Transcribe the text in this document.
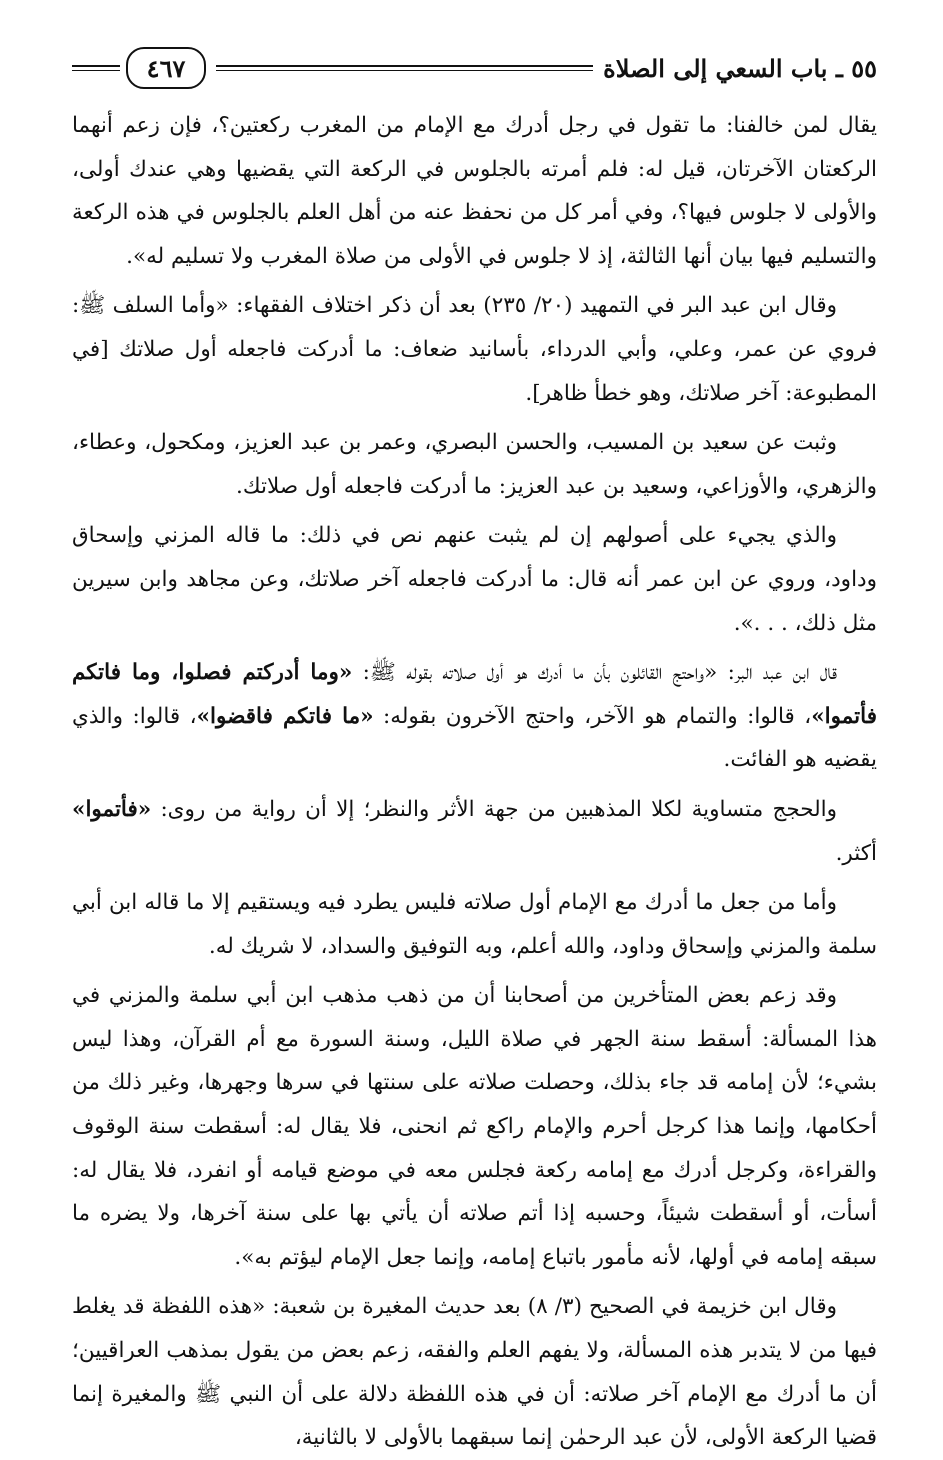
٥٥ ـ باب السعي إلى الصلاة
٤٦٧

يقال لمن خالفنا: ما تقول في رجل أدرك مع الإمام من المغرب ركعتين؟، فإن زعم أنهما الركعتان الآخرتان، قيل له: فلم أمرته بالجلوس في الركعة التي يقضيها وهي عندك أولى، والأولى لا جلوس فيها؟، وفي أمر كل من نحفظ عنه من أهل العلم بالجلوس في هذه الركعة والتسليم فيها بيان أنها الثالثة، إذ لا جلوس في الأولى من صلاة المغرب ولا تسليم له».

وقال ابن عبد البر في التمهيد (٢٠/ ٢٣٥) بعد أن ذكر اختلاف الفقهاء: «وأما السلف ﷺ: فروي عن عمر، وعلي، وأبي الدرداء، بأسانيد ضعاف: ما أدركت فاجعله أول صلاتك [في المطبوعة: آخر صلاتك، وهو خطأ ظاهر].

وثبت عن سعيد بن المسيب، والحسن البصري، وعمر بن عبد العزيز، ومكحول، وعطاء، والزهري، والأوزاعي، وسعيد بن عبد العزيز: ما أدركت فاجعله أول صلاتك.

والذي يجيء على أصولهم إن لم يثبت عنهم نص في ذلك: ما قاله المزني وإسحاق وداود، وروي عن ابن عمر أنه قال: ما أدركت فاجعله آخر صلاتك، وعن مجاهد وابن سيرين مثل ذلك، . . .».

قال ابن عبد البر: «واحتج القائلون بأن ما أدرك هو أول صلاته بقوله ﷺ: «وما أدركتم فصلوا، وما فاتكم فأتموا»، قالوا: والتمام هو الآخر، واحتج الآخرون بقوله: «ما فاتكم فاقضوا»، قالوا: والذي يقضيه هو الفائت.

والحجج متساوية لكلا المذهبين من جهة الأثر والنظر؛ إلا أن رواية من روى: «فأتموا» أكثر.

وأما من جعل ما أدرك مع الإمام أول صلاته فليس يطرد فيه ويستقيم إلا ما قاله ابن أبي سلمة والمزني وإسحاق وداود، والله أعلم، وبه التوفيق والسداد، لا شريك له.

وقد زعم بعض المتأخرين من أصحابنا أن من ذهب مذهب ابن أبي سلمة والمزني في هذا المسألة: أسقط سنة الجهر في صلاة الليل، وسنة السورة مع أم القرآن، وهذا ليس بشيء؛ لأن إمامه قد جاء بذلك، وحصلت صلاته على سنتها في سرها وجهرها، وغير ذلك من أحكامها، وإنما هذا كرجل أحرم والإمام راكع ثم انحنى، فلا يقال له: أسقطت سنة الوقوف والقراءة، وكرجل أدرك مع إمامه ركعة فجلس معه في موضع قيامه أو انفرد، فلا يقال له: أسأت، أو أسقطت شيئاً، وحسبه إذا أتم صلاته أن يأتي بها على سنة آخرها، ولا يضره ما سبقه إمامه في أولها، لأنه مأمور باتباع إمامه، وإنما جعل الإمام ليؤتم به».

وقال ابن خزيمة في الصحيح (٣/ ٨) بعد حديث المغيرة بن شعبة: «هذه اللفظة قد يغلط فيها من لا يتدبر هذه المسألة، ولا يفهم العلم والفقه، زعم بعض من يقول بمذهب العراقيين؛ أن ما أدرك مع الإمام آخر صلاته: أن في هذه اللفظة دلالة على أن النبي ﷺ والمغيرة إنما قضيا الركعة الأولى، لأن عبد الرحمٰن إنما سبقهما بالأولى لا بالثانية،
